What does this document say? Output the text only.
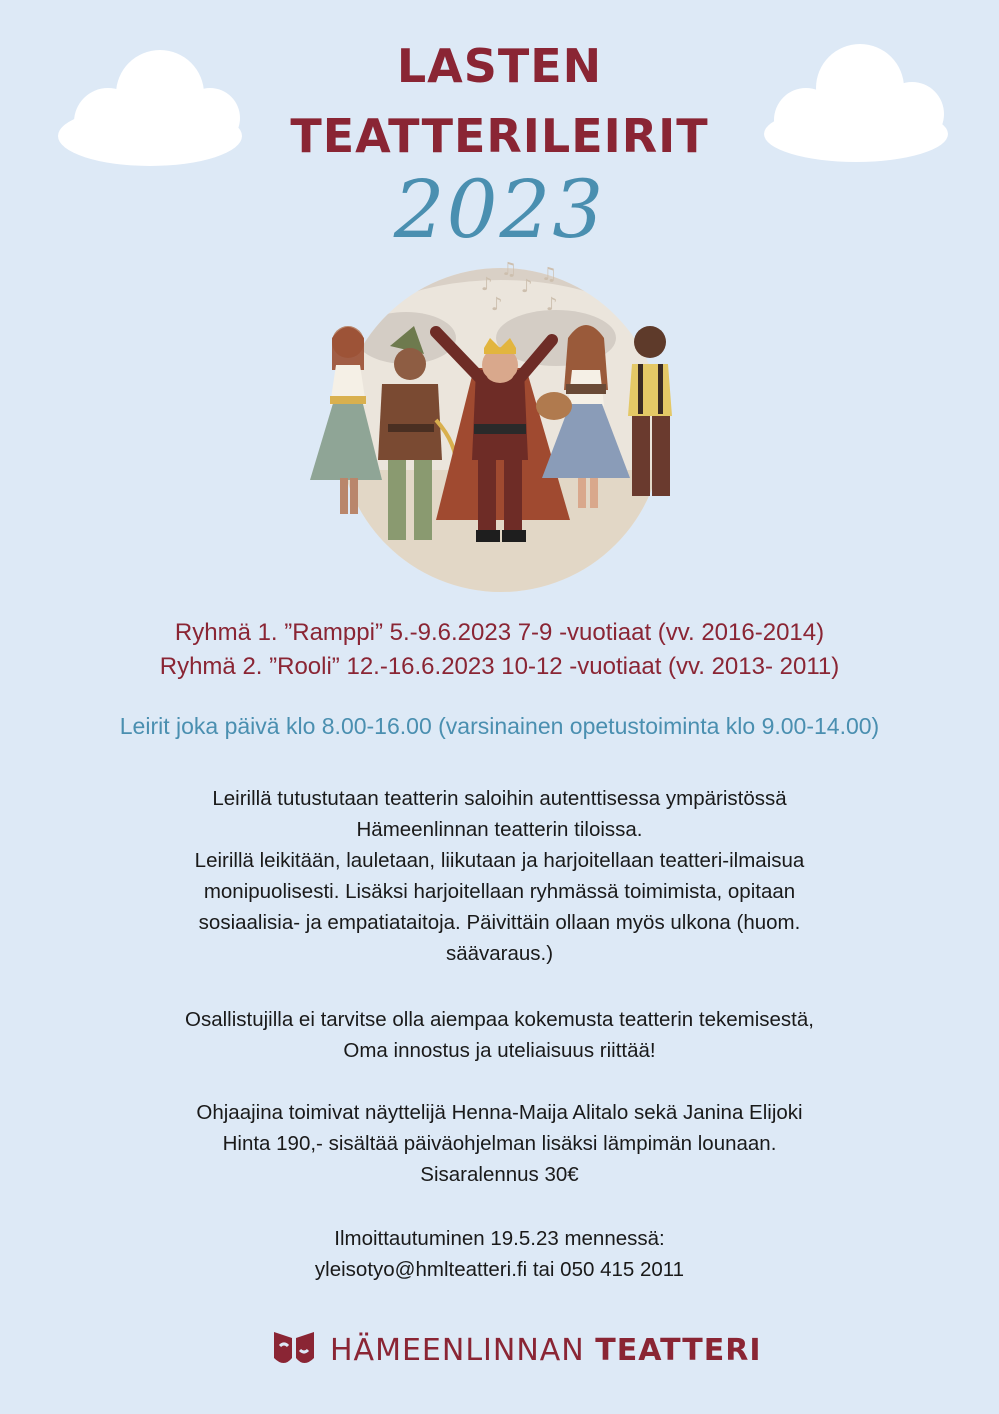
LASTEN
TEATTERILEIRIT
2023
♪
♫
♪
♫
♪ ♪
Ryhmä 1. ”Ramppi” 5.-9.6.2023 7-9 -vuotiaat (vv. 2016-2014)
Ryhmä 2. ”Rooli” 12.-16.6.2023 10-12 -vuotiaat (vv. 2013- 2011)
Leirit joka päivä klo 8.00-16.00 (varsinainen opetustoiminta klo 9.00-14.00)
Leirillä tutustutaan teatterin saloihin autenttisessa ympäristössä
Hämeenlinnan teatterin tiloissa.
Leirillä leikitään, lauletaan, liikutaan ja harjoitellaan teatteri-ilmaisua
monipuolisesti. Lisäksi harjoitellaan ryhmässä toimimista, opitaan
sosiaalisia- ja empatiataitoja. Päivittäin ollaan myös ulkona (huom.
säävaraus.)
Osallistujilla ei tarvitse olla aiempaa kokemusta teatterin tekemisestä,
Oma innostus ja uteliaisuus riittää!
Ohjaajina toimivat näyttelijä Henna-Maija Alitalo sekä Janina Elijoki
Hinta 190,- sisältää päiväohjelman lisäksi lämpimän lounaan.
Sisaralennus 30€
Ilmoittautuminen 19.5.23 mennessä:
yleisotyo@hmlteatteri.fi tai 050 415 2011
HÄMEENLINNAN TEATTERI
